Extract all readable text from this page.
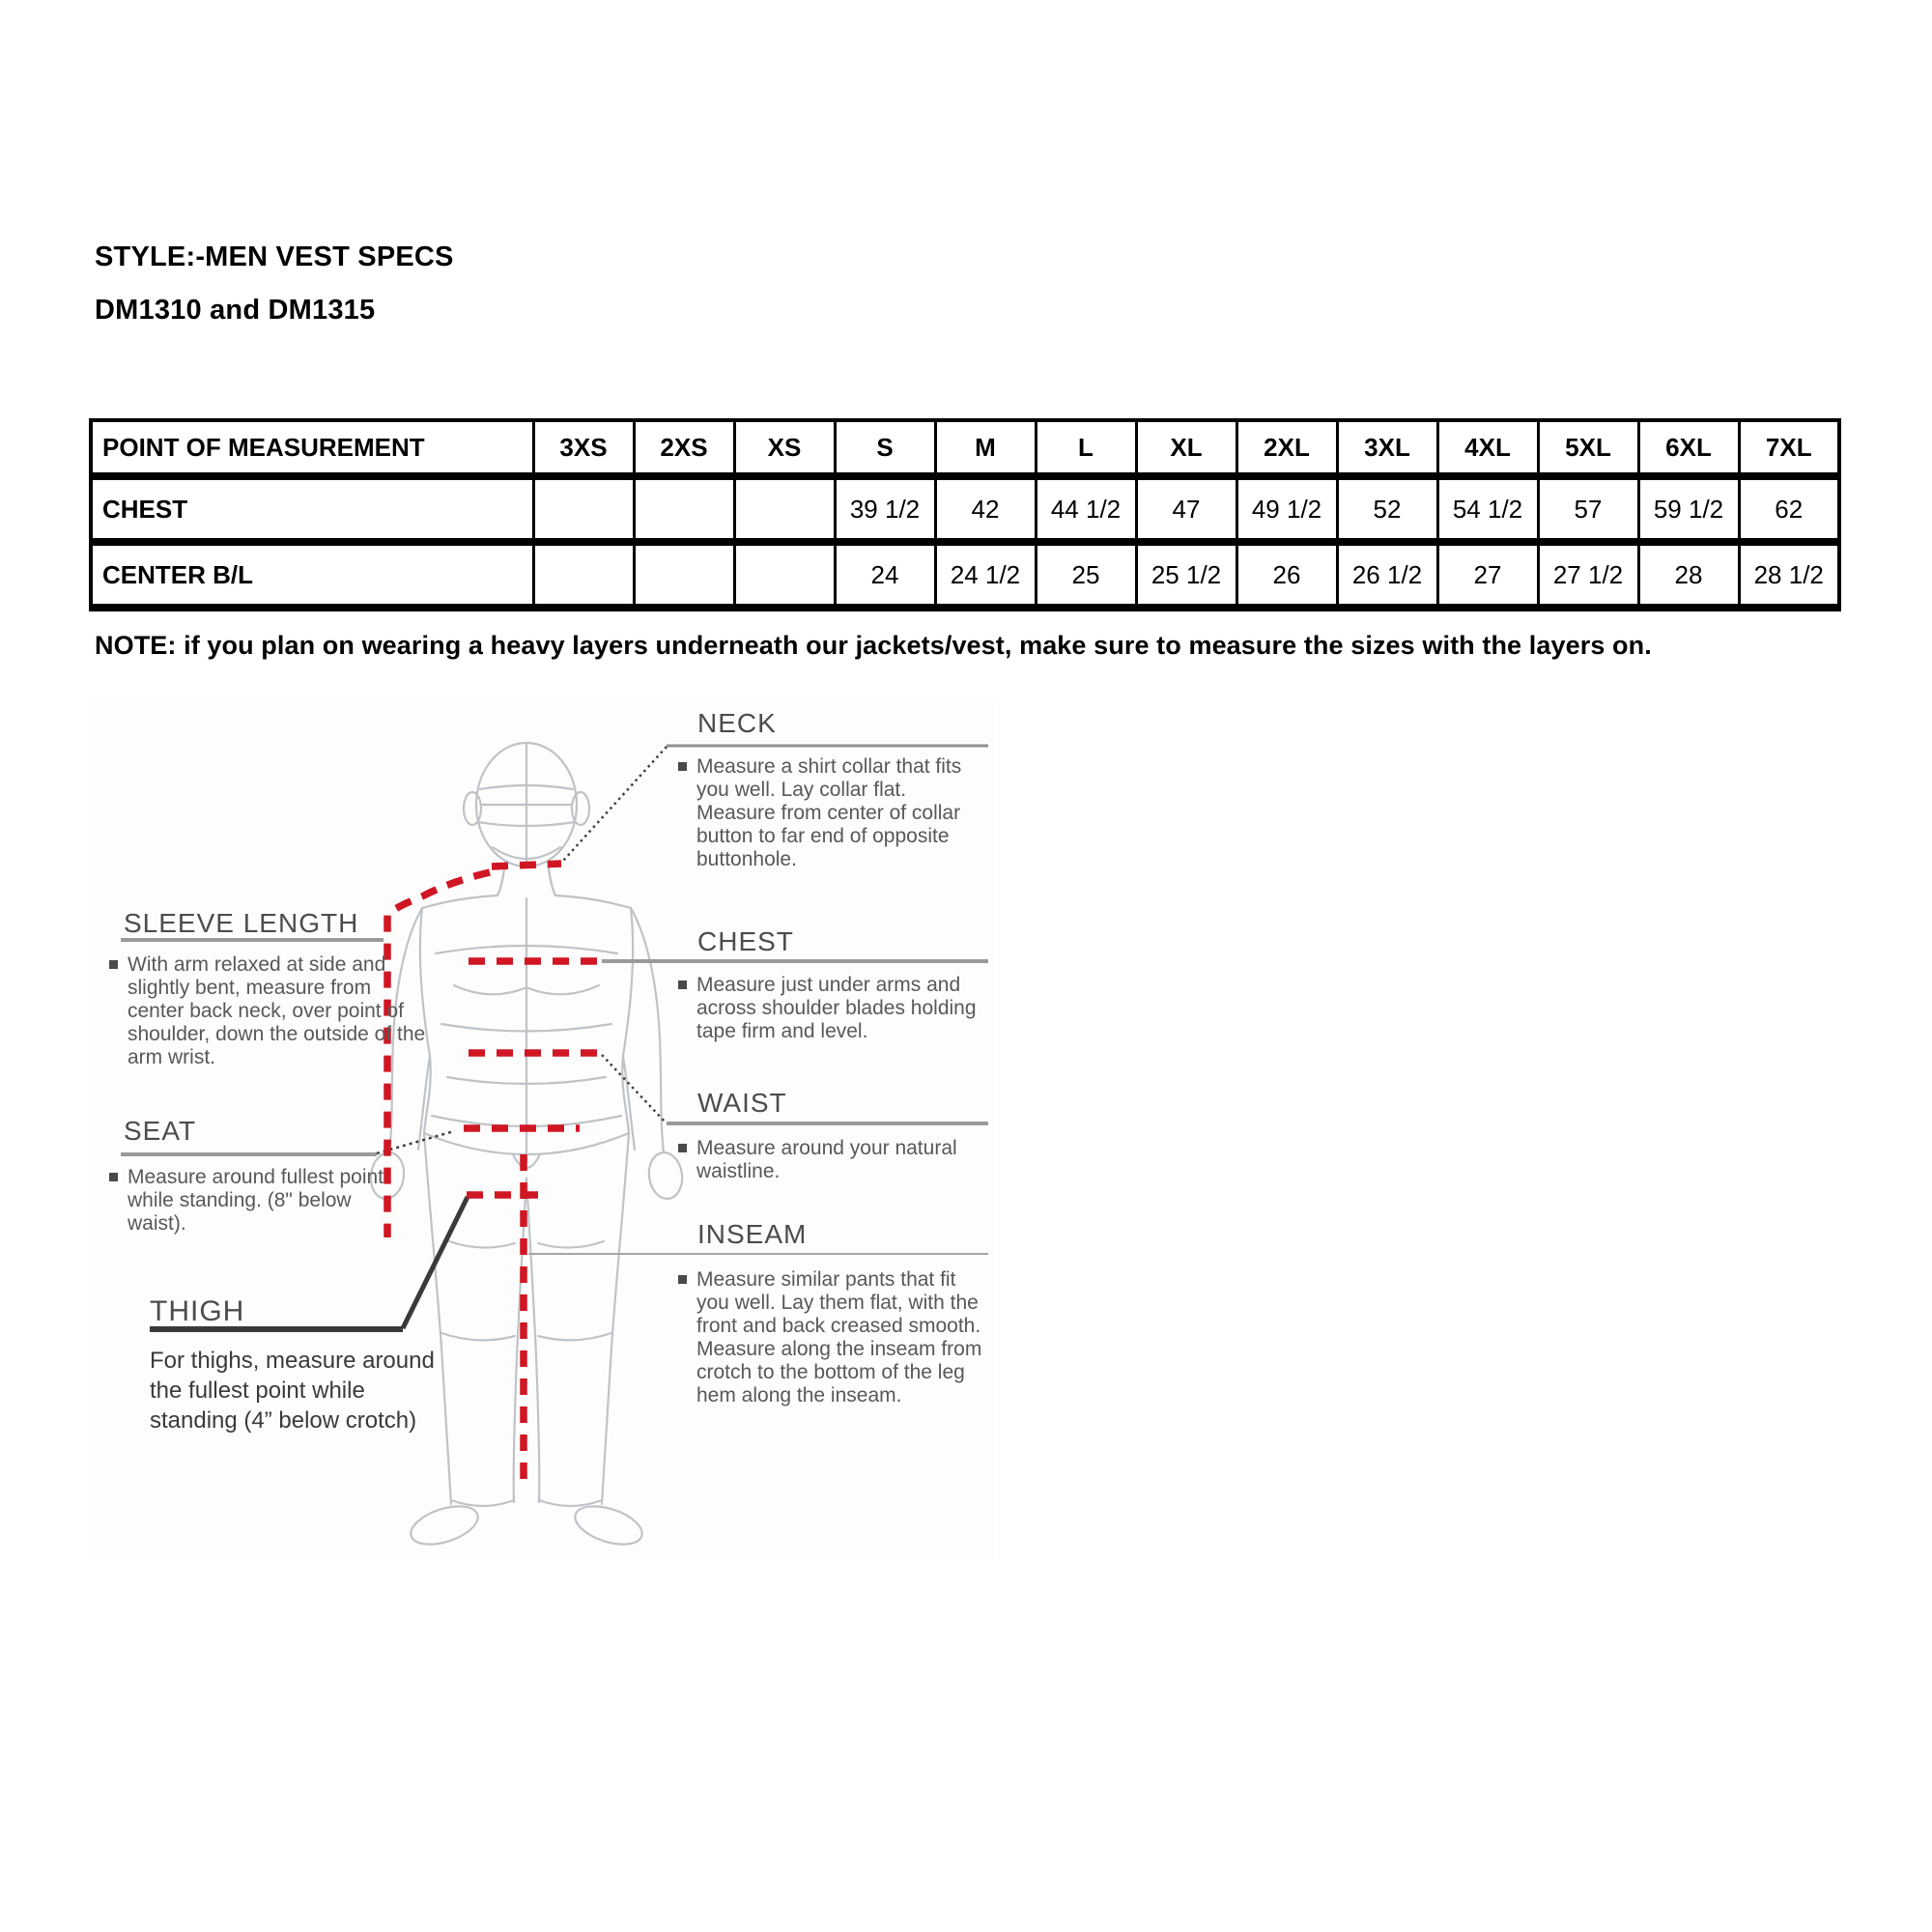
STYLE:-MEN VEST SPECS
DM1310 and DM1315
POINT OF MEASUREMENT	3XS	2XS	XS	S	M	L	XL	2XL	3XL	4XL	5XL	6XL	7XL
CHEST				39 1/2	42	44 1/2	47	49 1/2	52	54 1/2	57	59 1/2	62
CENTER B/L				24	24 1/2	25	25 1/2	26	26 1/2	27	27 1/2	28	28 1/2
NOTE: if you plan on wearing a heavy layers underneath our jackets/vest, make sure to measure the sizes with the layers on.
NECK
Measure a shirt collar that fits you well. Lay collar flat. Measure from center of collar button to far end of opposite buttonhole.
CHEST
Measure just under arms and across shoulder blades holding tape firm and level.
WAIST
Measure around your natural waistline.
INSEAM
Measure similar pants that fit you well. Lay them flat, with the front and back creased smooth. Measure along the inseam from crotch to the bottom of the leg hem along the inseam.
SLEEVE LENGTH
With arm relaxed at side and slightly bent, measure from center back neck, over point of shoulder, down the outside of the arm wrist.
SEAT
Measure around fullest point while standing. (8" below waist).
THIGH
For thighs, measure around the fullest point while standing (4” below crotch)
